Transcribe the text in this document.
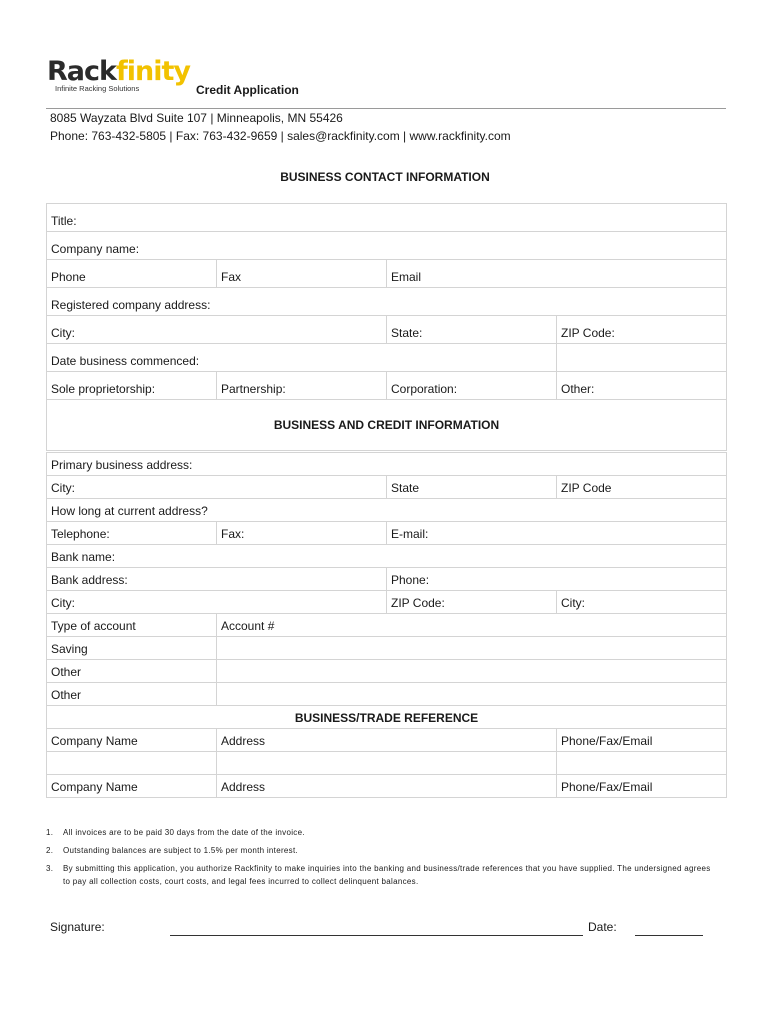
Rackfinity
Infinite Racking Solutions	Credit Application
8085 Wayzata Blvd Suite 107 | Minneapolis, MN 55426
Phone: 763-432-5805 | Fax: 763-432-9659 | sales@rackfinity.com | www.rackfinity.com
BUSINESS CONTACT INFORMATION
Title:			
Company name:			
Phone	Fax	Email	
Registered company address:			
City:		State:	ZIP Code:
Date business commenced:			
Sole proprietorship:	Partnership:	Corporation:	Other:
BUSINESS AND CREDIT INFORMATION			
Primary business address:			
City:		State	ZIP Code
How long at current address?			
Telephone:	Fax:	E-mail:	
Bank name:			
Bank address:		Phone:	
City:		ZIP Code:	City:
Type of account	Account #		
Saving			
Other			
Other			
BUSINESS/TRADE REFERENCE			
Company Name	Address		Phone/Fax/Email

Company Name	Address		Phone/Fax/Email
1. All invoices are to be paid 30 days from the date of the invoice.
2. Outstanding balances are subject to 1.5% per month interest.
3. By submitting this application, you authorize Rackfinity to make inquiries into the banking and business/trade references that you have supplied. The undersigned agrees to pay all collection costs, court costs, and legal fees incurred to collect delinquent balances.
Signature:	Date:
